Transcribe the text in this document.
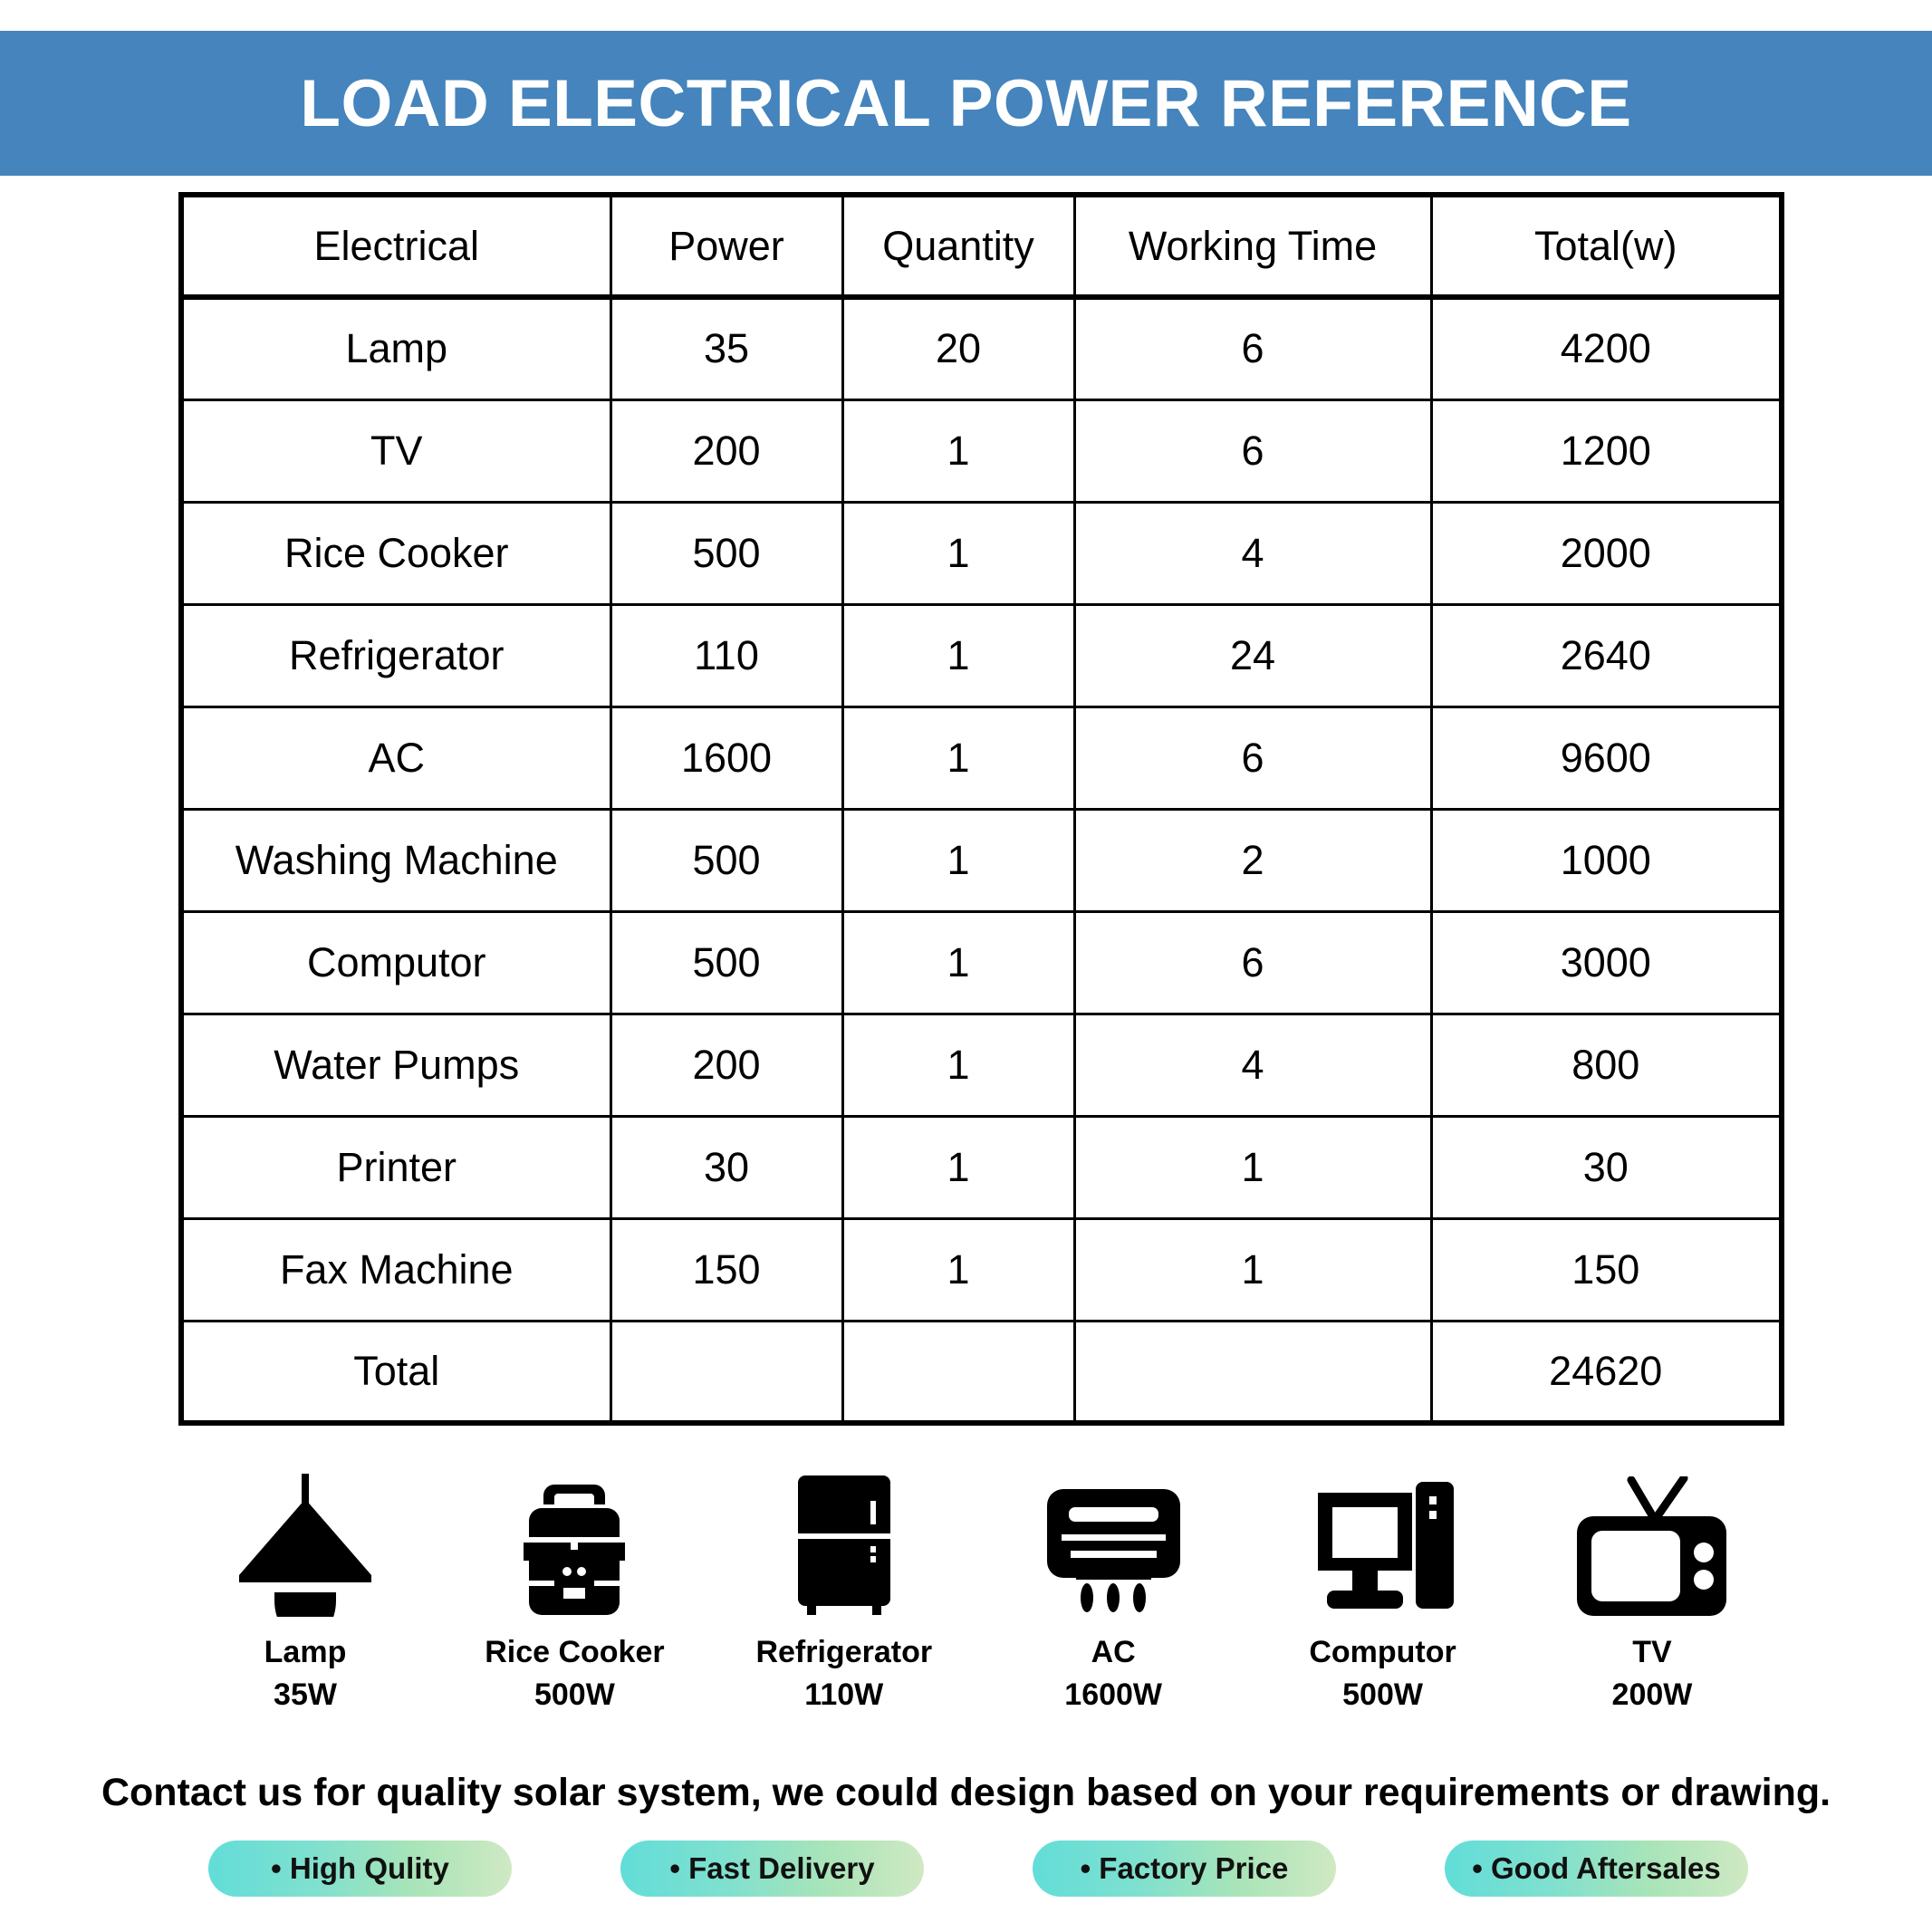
LOAD ELECTRICAL POWER REFERENCE
Electrical	Power	Quantity	Working Time	Total(w)
Lamp	35	20	6	4200
TV	200	1	6	1200
Rice Cooker	500	1	4	2000
Refrigerator	110	1	24	2640
AC	1600	1	6	9600
Washing Machine	500	1	2	1000
Computor	500	1	6	3000
Water Pumps	200	1	4	800
Printer	30	1	1	30
Fax Machine	150	1	1	150
Total				24620
Lamp
35W
Rice Cooker
500W
Refrigerator
110W
AC
1600W
Computor
500W
TV
200W
Contact us for quality solar system, we could design based on your requirements or drawing.
• High Qulity	• Fast Delivery	• Factory Price	• Good Aftersales
